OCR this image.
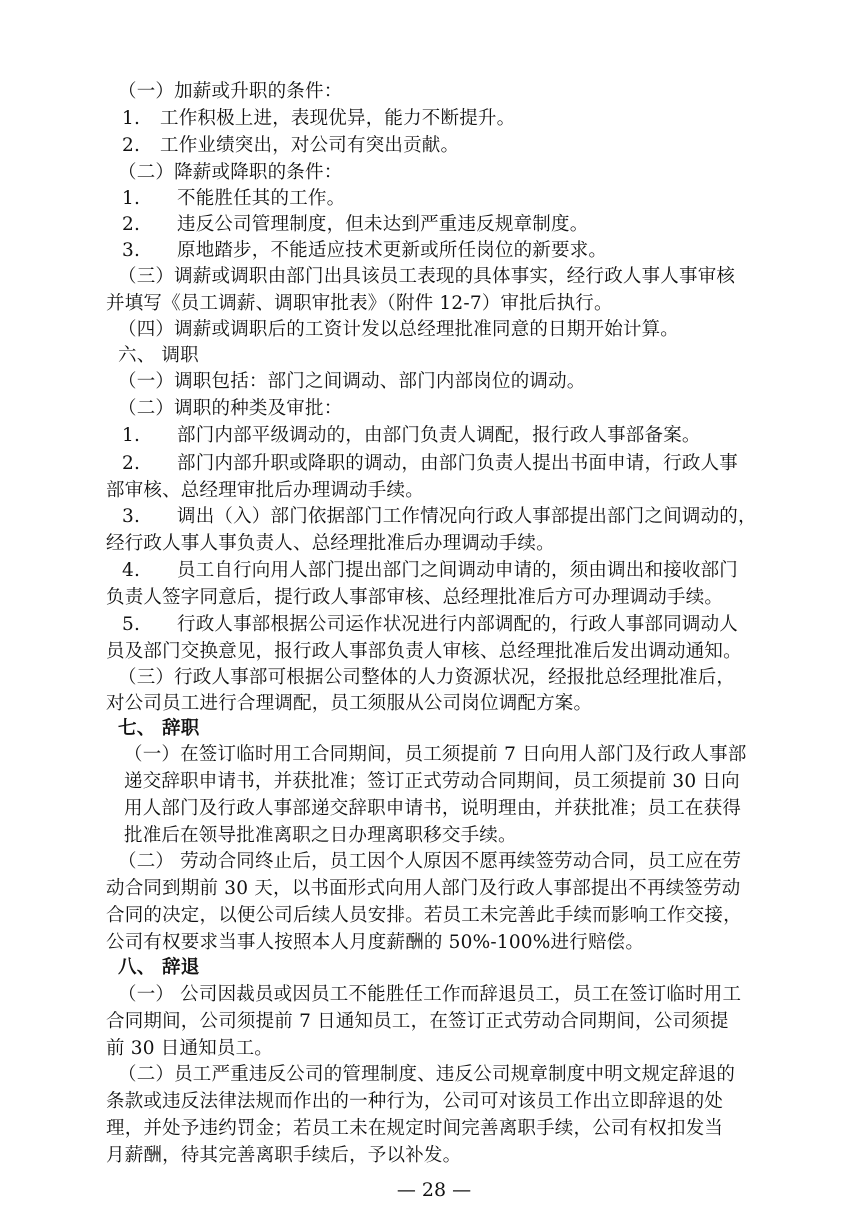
（一）加薪或升职的条件：
1. 工作积极上进，表现优异，能力不断提升。
2. 工作业绩突出，对公司有突出贡献。
（二）降薪或降职的条件：
1. 不能胜任其的工作。
2. 违反公司管理制度，但未达到严重违反规章制度。
3. 原地踏步，不能适应技术更新或所任岗位的新要求。
（三）调薪或调职由部门出具该员工表现的具体事实，经行政人事人事审核
并填写《员工调薪、调职审批表》（附件 12-7）审批后执行。
（四）调薪或调职后的工资计发以总经理批准同意的日期开始计算。
六、 调职
（一）调职包括：部门之间调动、部门内部岗位的调动。
（二）调职的种类及审批：
1. 部门内部平级调动的，由部门负责人调配，报行政人事部备案。
2. 部门内部升职或降职的调动，由部门负责人提出书面申请，行政人事
部审核、总经理审批后办理调动手续。
3. 调出（入）部门依据部门工作情况向行政人事部提出部门之间调动的，
经行政人事人事负责人、总经理批准后办理调动手续。
4. 员工自行向用人部门提出部门之间调动申请的，须由调出和接收部门
负责人签字同意后，提行政人事部审核、总经理批准后方可办理调动手续。
5. 行政人事部根据公司运作状况进行内部调配的，行政人事部同调动人
员及部门交换意见，报行政人事部负责人审核、总经理批准后发出调动通知。
（三）行政人事部可根据公司整体的人力资源状况，经报批总经理批准后，
对公司员工进行合理调配，员工须服从公司岗位调配方案。
七、 辞职
（一）在签订临时用工合同期间，员工须提前 7 日向用人部门及行政人事部
递交辞职申请书，并获批准；签订正式劳动合同期间，员工须提前 30 日向
用人部门及行政人事部递交辞职申请书，说明理由，并获批准；员工在获得
批准后在领导批准离职之日办理离职移交手续。
（二） 劳动合同终止后，员工因个人原因不愿再续签劳动合同，员工应在劳
动合同到期前 30 天，以书面形式向用人部门及行政人事部提出不再续签劳动
合同的决定，以便公司后续人员安排。若员工未完善此手续而影响工作交接，
公司有权要求当事人按照本人月度薪酬的 50%-100%进行赔偿。
八、 辞退
（一） 公司因裁员或因员工不能胜任工作而辞退员工，员工在签订临时用工
合同期间，公司须提前 7 日通知员工，在签订正式劳动合同期间，公司须提
前 30 日通知员工。
（二）员工严重违反公司的管理制度、违反公司规章制度中明文规定辞退的
条款或违反法律法规而作出的一种行为，公司可对该员工作出立即辞退的处
理，并处予违约罚金；若员工未在规定时间完善离职手续，公司有权扣发当
月薪酬，待其完善离职手续后，予以补发。
— 28 —
